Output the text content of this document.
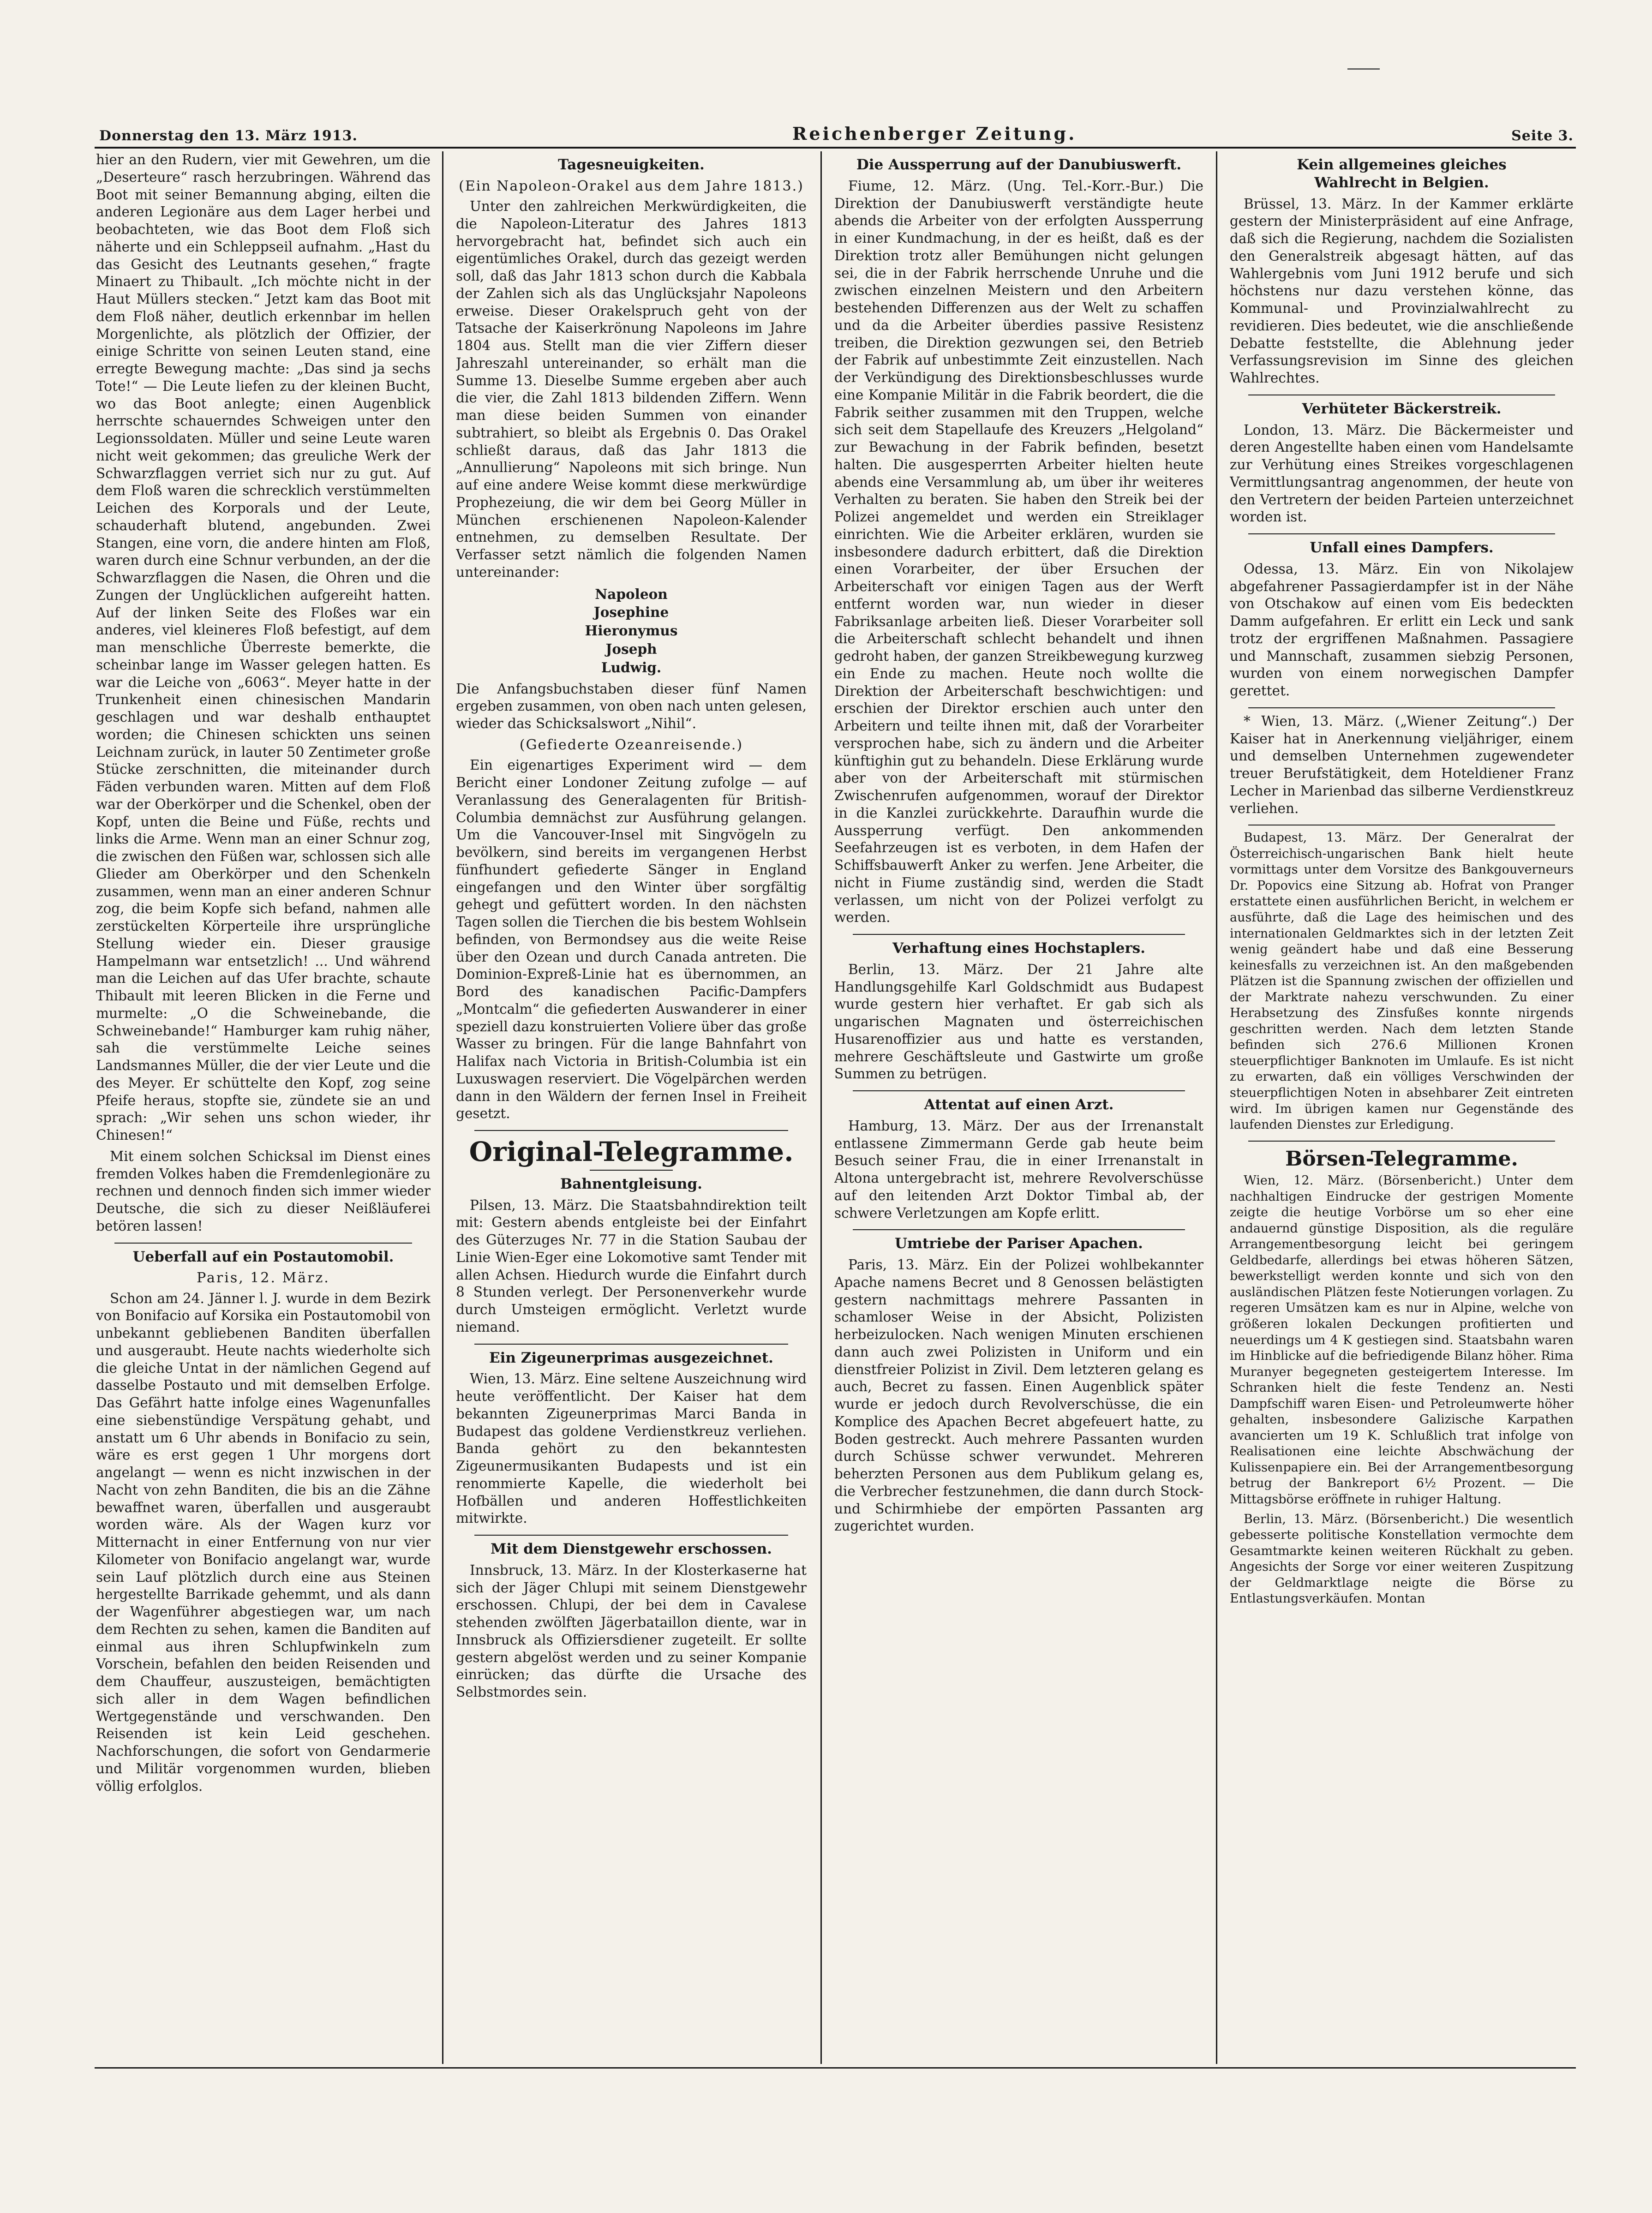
Donnerstag den 13. März 1913.	Reichenberger Zeitung.	Seite 3.

hier an den Rudern, vier mit Gewehren, um die „Deserteure“ rasch herzubringen. Während das Boot mit seiner Bemannung abging, eilten die anderen Legionäre aus dem Lager herbei und beobachteten, wie das Boot dem Floß sich näherte und ein Schleppseil aufnahm. „Hast du das Gesicht des Leutnants gesehen,“ fragte Minaert zu Thibault. „Ich möchte nicht in der Haut Müllers stecken.“ Jetzt kam das Boot mit dem Floß näher, deutlich erkennbar im hellen Morgenlichte, als plötzlich der Offizier, der einige Schritte von seinen Leuten stand, eine erregte Bewegung machte: „Das sind ja sechs Tote!“ — Die Leute liefen zu der kleinen Bucht, wo das Boot anlegte; einen Augenblick herrschte schauerndes Schweigen unter den Legionssoldaten. Müller und seine Leute waren nicht weit gekommen; das greuliche Werk der Schwarzflaggen verriet sich nur zu gut. Auf dem Floß waren die schrecklich verstümmelten Leichen des Korporals und der Leute, schauderhaft blutend, angebunden. Zwei Stangen, eine vorn, die andere hinten am Floß, waren durch eine Schnur verbunden, an der die Schwarzflaggen die Nasen, die Ohren und die Zungen der Unglücklichen aufgereiht hatten. Auf der linken Seite des Floßes war ein anderes, viel kleineres Floß befestigt, auf dem man menschliche Überreste bemerkte, die scheinbar lange im Wasser gelegen hatten. Es war die Leiche von „6063“. Meyer hatte in der Trunkenheit einen chinesischen Mandarin geschlagen und war deshalb enthauptet worden; die Chinesen schickten uns seinen Leichnam zurück, in lauter 50 Zentimeter große Stücke zerschnitten, die miteinander durch Fäden verbunden waren. Mitten auf dem Floß war der Oberkörper und die Schenkel, oben der Kopf, unten die Beine und Füße, rechts und links die Arme. Wenn man an einer Schnur zog, die zwischen den Füßen war, schlossen sich alle Glieder am Oberkörper und den Schenkeln zusammen, wenn man an einer anderen Schnur zog, die beim Kopfe sich befand, nahmen alle zerstückelten Körperteile ihre ursprüngliche Stellung wieder ein. Dieser grausige Hampelmann war entsetzlich! ... Und während man die Leichen auf das Ufer brachte, schaute Thibault mit leeren Blicken in die Ferne und murmelte: „O die Schweinebande, die Schweinebande!“ Hamburger kam ruhig näher, sah die verstümmelte Leiche seines Landsmannes Müller, die der vier Leute und die des Meyer. Er schüttelte den Kopf, zog seine Pfeife heraus, stopfte sie, zündete sie an und sprach: „Wir sehen uns schon wieder, ihr Chinesen!“

Mit einem solchen Schicksal im Dienst eines fremden Volkes haben die Fremdenlegionäre zu rechnen und dennoch finden sich immer wieder Deutsche, die sich zu dieser Neißläuferei betören lassen!

Ueberfall auf ein Postautomobil.
Paris, 12. März.

Schon am 24. Jänner l. J. wurde in dem Bezirk von Bonifacio auf Korsika ein Postautomobil von unbekannt gebliebenen Banditen überfallen und ausgeraubt. Heute nachts wiederholte sich die gleiche Untat in der nämlichen Gegend auf dasselbe Postauto und mit demselben Erfolge. Das Gefährt hatte infolge eines Wagenunfalles eine siebenstündige Verspätung gehabt, und anstatt um 6 Uhr abends in Bonifacio zu sein, wäre es erst gegen 1 Uhr morgens dort angelangt — wenn es nicht inzwischen in der Nacht von zehn Banditen, die bis an die Zähne bewaffnet waren, überfallen und ausgeraubt worden wäre. Als der Wagen kurz vor Mitternacht in einer Entfernung von nur vier Kilometer von Bonifacio angelangt war, wurde sein Lauf plötzlich durch eine aus Steinen hergestellte Barrikade gehemmt, und als dann der Wagenführer abgestiegen war, um nach dem Rechten zu sehen, kamen die Banditen auf einmal aus ihren Schlupfwinkeln zum Vorschein, befahlen den beiden Reisenden und dem Chauffeur, auszusteigen, bemächtigten sich aller in dem Wagen befindlichen Wertgegenstände und verschwanden. Den Reisenden ist kein Leid geschehen. Nachforschungen, die sofort von Gendarmerie und Militär vorgenommen wurden, blieben völlig erfolglos.

Tagesneuigkeiten.
(Ein Napoleon-Orakel aus dem Jahre 1813.)

Unter den zahlreichen Merkwürdigkeiten, die die Napoleon-Literatur des Jahres 1813 hervorgebracht hat, befindet sich auch ein eigentümliches Orakel, durch das gezeigt werden soll, daß das Jahr 1813 schon durch die Kabbala der Zahlen sich als das Unglücksjahr Napoleons erweise. Dieser Orakelspruch geht von der Tatsache der Kaiserkrönung Napoleons im Jahre 1804 aus. Stellt man die vier Ziffern dieser Jahreszahl untereinander, so erhält man die Summe 13. Dieselbe Summe ergeben aber auch die vier, die Zahl 1813 bildenden Ziffern. Wenn man diese beiden Summen von einander subtrahiert, so bleibt als Ergebnis 0. Das Orakel schließt daraus, daß das Jahr 1813 die „Annullierung“ Napoleons mit sich bringe. Nun auf eine andere Weise kommt diese merkwürdige Prophezeiung, die wir dem bei Georg Müller in München erschienenen Napoleon-Kalender entnehmen, zu demselben Resultate. Der Verfasser setzt nämlich die folgenden Namen untereinander:

Napoleon
Josephine
Hieronymus
Joseph
Ludwig.

Die Anfangsbuchstaben dieser fünf Namen ergeben zusammen, von oben nach unten gelesen, wieder das Schicksalswort „Nihil“.

(Gefiederte Ozeanreisende.)

Ein eigenartiges Experiment wird — dem Bericht einer Londoner Zeitung zufolge — auf Veranlassung des Generalagenten für British-Columbia demnächst zur Ausführung gelangen. Um die Vancouver-Insel mit Singvögeln zu bevölkern, sind bereits im vergangenen Herbst fünfhundert gefiederte Sänger in England eingefangen und den Winter über sorgfältig gehegt und gefüttert worden. In den nächsten Tagen sollen die Tierchen die bis bestem Wohlsein befinden, von Bermondsey aus die weite Reise über den Ozean und durch Canada antreten. Die Dominion-Expreß-Linie hat es übernommen, an Bord des kanadischen Pacific-Dampfers „Montcalm“ die gefiederten Auswanderer in einer speziell dazu konstruierten Voliere über das große Wasser zu bringen. Für die lange Bahnfahrt von Halifax nach Victoria in British-Columbia ist ein Luxuswagen reserviert. Die Vögelpärchen werden dann in den Wäldern der fernen Insel in Freiheit gesetzt.

Original-Telegramme.
Bahnentgleisung.

Pilsen, 13. März. Die Staatsbahndirektion teilt mit: Gestern abends entgleiste bei der Einfahrt des Güterzuges Nr. 77 in die Station Saubau der Linie Wien-Eger eine Lokomotive samt Tender mit allen Achsen. Hiedurch wurde die Einfahrt durch 8 Stunden verlegt. Der Personenverkehr wurde durch Umsteigen ermöglicht. Verletzt wurde niemand.

Ein Zigeunerprimas ausgezeichnet.

Wien, 13. März. Eine seltene Auszeichnung wird heute veröffentlicht. Der Kaiser hat dem bekannten Zigeunerprimas Marci Banda in Budapest das goldene Verdienstkreuz verliehen. Banda gehört zu den bekanntesten Zigeunermusikanten Budapests und ist ein renommierte Kapelle, die wiederholt bei Hofbällen und anderen Hoffestlichkeiten mitwirkte.

Mit dem Dienstgewehr erschossen.

Innsbruck, 13. März. In der Klosterkaserne hat sich der Jäger Chlupi mit seinem Dienstgewehr erschossen. Chlupi, der bei dem in Cavalese stehenden zwölften Jägerbataillon diente, war in Innsbruck als Offiziersdiener zugeteilt. Er sollte gestern abgelöst werden und zu seiner Kompanie einrücken; das dürfte die Ursache des Selbstmordes sein.

Die Aussperrung auf der Danubiuswerft.

Fiume, 12. März. (Ung. Tel.-Korr.-Bur.) Die Direktion der Danubiuswerft verständigte heute abends die Arbeiter von der erfolgten Aussperrung in einer Kundmachung, in der es heißt, daß es der Direktion trotz aller Bemühungen nicht gelungen sei, die in der Fabrik herrschende Unruhe und die zwischen einzelnen Meistern und den Arbeitern bestehenden Differenzen aus der Welt zu schaffen und da die Arbeiter überdies passive Resistenz treiben, die Direktion gezwungen sei, den Betrieb der Fabrik auf unbestimmte Zeit einzustellen. Nach der Verkündigung des Direktionsbeschlusses wurde eine Kompanie Militär in die Fabrik beordert, die die Fabrik seither zusammen mit den Truppen, welche sich seit dem Stapellaufe des Kreuzers „Helgoland“ zur Bewachung in der Fabrik befinden, besetzt halten. Die ausgesperrten Arbeiter hielten heute abends eine Versammlung ab, um über ihr weiteres Verhalten zu beraten. Sie haben den Streik bei der Polizei angemeldet und werden ein Streiklager einrichten. Wie die Arbeiter erklären, wurden sie insbesondere dadurch erbittert, daß die Direktion einen Vorarbeiter, der über Ersuchen der Arbeiterschaft vor einigen Tagen aus der Werft entfernt worden war, nun wieder in dieser Fabriksanlage arbeiten ließ. Dieser Vorarbeiter soll die Arbeiterschaft schlecht behandelt und ihnen gedroht haben, der ganzen Streikbewegung kurzweg ein Ende zu machen. Heute noch wollte die Direktion der Arbeiterschaft beschwichtigen: und erschien der Direktor erschien auch unter den Arbeitern und teilte ihnen mit, daß der Vorarbeiter versprochen habe, sich zu ändern und die Arbeiter künftighin gut zu behandeln. Diese Erklärung wurde aber von der Arbeiterschaft mit stürmischen Zwischenrufen aufgenommen, worauf der Direktor in die Kanzlei zurückkehrte. Daraufhin wurde die Aussperrung verfügt. Den ankommenden Seefahrzeugen ist es verboten, in dem Hafen der Schiffsbauwerft Anker zu werfen. Jene Arbeiter, die nicht in Fiume zuständig sind, werden die Stadt verlassen, um nicht von der Polizei verfolgt zu werden.

Verhaftung eines Hochstaplers.

Berlin, 13. März. Der 21 Jahre alte Handlungsgehilfe Karl Goldschmidt aus Budapest wurde gestern hier verhaftet. Er gab sich als ungarischen Magnaten und österreichischen Husarenoffizier aus und hatte es verstanden, mehrere Geschäftsleute und Gastwirte um große Summen zu betrügen.

Attentat auf einen Arzt.

Hamburg, 13. März. Der aus der Irrenanstalt entlassene Zimmermann Gerde gab heute beim Besuch seiner Frau, die in einer Irrenanstalt in Altona untergebracht ist, mehrere Revolverschüsse auf den leitenden Arzt Doktor Timbal ab, der schwere Verletzungen am Kopfe erlitt.

Umtriebe der Pariser Apachen.

Paris, 13. März. Ein der Polizei wohlbekannter Apache namens Becret und 8 Genossen belästigten gestern nachmittags mehrere Passanten in schamloser Weise in der Absicht, Polizisten herbeizulocken. Nach wenigen Minuten erschienen dann auch zwei Polizisten in Uniform und ein dienstfreier Polizist in Zivil. Dem letzteren gelang es auch, Becret zu fassen. Einen Augenblick später wurde er jedoch durch Revolverschüsse, die ein Komplice des Apachen Becret abgefeuert hatte, zu Boden gestreckt. Auch mehrere Passanten wurden durch Schüsse schwer verwundet. Mehreren beherzten Personen aus dem Publikum gelang es, die Verbrecher festzunehmen, die dann durch Stock- und Schirmhiebe der empörten Passanten arg zugerichtet wurden.

Kein allgemeines gleiches
Wahlrecht in Belgien.

Brüssel, 13. März. In der Kammer erklärte gestern der Ministerpräsident auf eine Anfrage, daß sich die Regierung, nachdem die Sozialisten den Generalstreik abgesagt hätten, auf das Wahlergebnis vom Juni 1912 berufe und sich höchstens nur dazu verstehen könne, das Kommunal- und Provinzialwahlrecht zu revidieren. Dies bedeutet, wie die anschließende Debatte feststellte, die Ablehnung jeder Verfassungsrevision im Sinne des gleichen Wahlrechtes.

Verhüteter Bäckerstreik.

London, 13. März. Die Bäckermeister und deren Angestellte haben einen vom Handelsamte zur Verhütung eines Streikes vorgeschlagenen Vermittlungsantrag angenommen, der heute von den Vertretern der beiden Parteien unterzeichnet worden ist.

Unfall eines Dampfers.

Odessa, 13. März. Ein von Nikolajew abgefahrener Passagierdampfer ist in der Nähe von Otschakow auf einen vom Eis bedeckten Damm aufgefahren. Er erlitt ein Leck und sank trotz der ergriffenen Maßnahmen. Passagiere und Mannschaft, zusammen siebzig Personen, wurden von einem norwegischen Dampfer gerettet.

* Wien, 13. März. („Wiener Zeitung“.) Der Kaiser hat in Anerkennung vieljähriger, einem und demselben Unternehmen zugewendeter treuer Berufstätigkeit, dem Hoteldiener Franz Lecher in Marienbad das silberne Verdienstkreuz verliehen.

Budapest, 13. März. Der Generalrat der Österreichisch-ungarischen Bank hielt heute vormittags unter dem Vorsitze des Bankgouverneurs Dr. Popovics eine Sitzung ab. Hofrat von Pranger erstattete einen ausführlichen Bericht, in welchem er ausführte, daß die Lage des heimischen und des internationalen Geldmarktes sich in der letzten Zeit wenig geändert habe und daß eine Besserung keinesfalls zu verzeichnen ist. An den maßgebenden Plätzen ist die Spannung zwischen der offiziellen und der Marktrate nahezu verschwunden. Zu einer Herabsetzung des Zinsfußes konnte nirgends geschritten werden. Nach dem letzten Stande befinden sich 276.6 Millionen Kronen steuerpflichtiger Banknoten im Umlaufe. Es ist nicht zu erwarten, daß ein völliges Verschwinden der steuerpflichtigen Noten in absehbarer Zeit eintreten wird. Im übrigen kamen nur Gegenstände des laufenden Dienstes zur Erledigung.

Börsen-Telegramme.

Wien, 12. März. (Börsenbericht.) Unter dem nachhaltigen Eindrucke der gestrigen Momente zeigte die heutige Vorbörse um so eher eine andauernd günstige Disposition, als die reguläre Arrangementbesorgung leicht bei geringem Geldbedarfe, allerdings bei etwas höheren Sätzen, bewerkstelligt werden konnte und sich von den ausländischen Plätzen feste Notierungen vorlagen. Zu regeren Umsätzen kam es nur in Alpine, welche von größeren lokalen Deckungen profitierten und neuerdings um 4 K gestiegen sind. Staatsbahn waren im Hinblicke auf die befriedigende Bilanz höher. Rima Muranyer begegneten gesteigertem Interesse. Im Schranken hielt die feste Tendenz an. Nesti Dampfschiff waren Eisen- und Petroleumwerte höher gehalten, insbesondere Galizische Karpathen avancierten um 19 K. Schlußlich trat infolge von Realisationen eine leichte Abschwächung der Kulissenpapiere ein. Bei der Arrangementbesorgung betrug der Bankreport 6½ Prozent. — Die Mittagsbörse eröffnete in ruhiger Haltung.

Berlin, 13. März. (Börsenbericht.) Die wesentlich gebesserte politische Konstellation vermochte dem Gesamtmarkte keinen weiteren Rückhalt zu geben. Angesichts der Sorge vor einer weiteren Zuspitzung der Geldmarktlage neigte die Börse zu Entlastungsverkäufen. Montan
